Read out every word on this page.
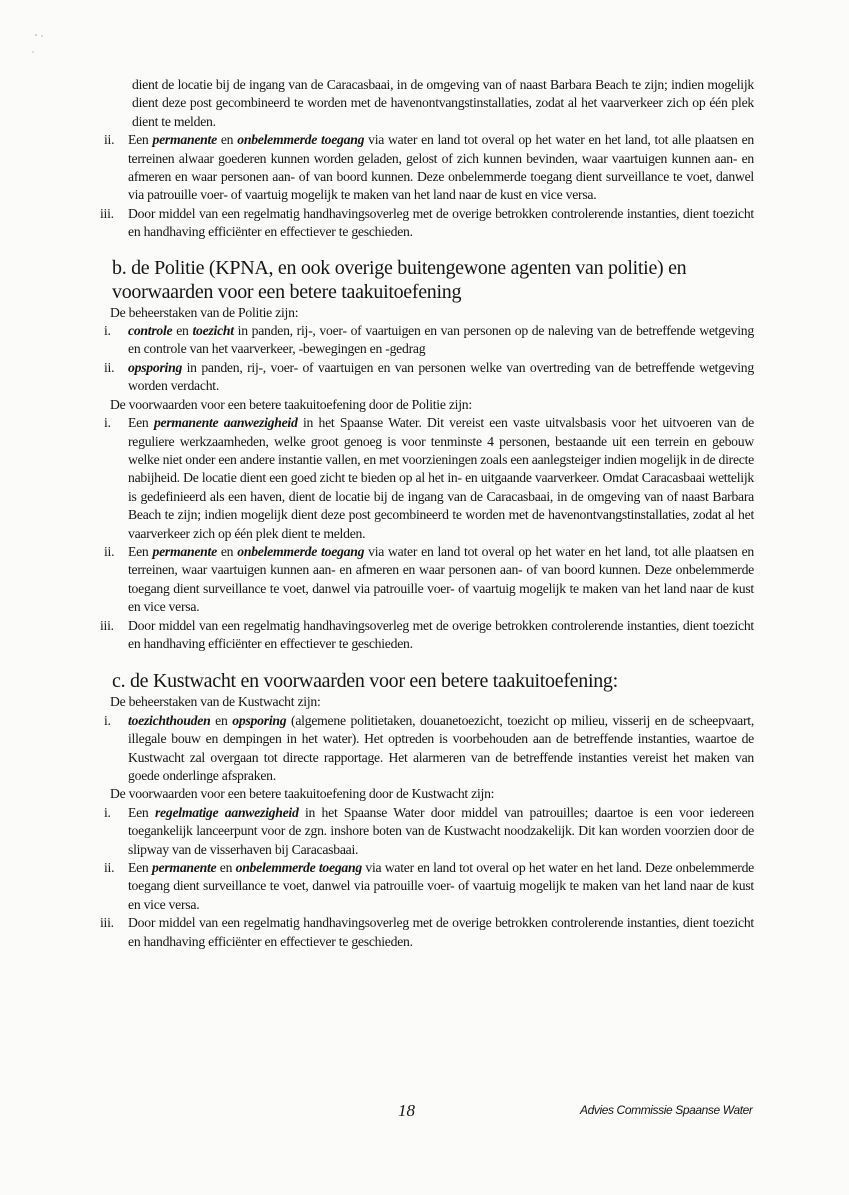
dient de locatie bij de ingang van de Caracasbaai, in de omgeving van of naast Barbara Beach te zijn; indien mogelijk dient deze post gecombineerd te worden met de havenontvangstinstallaties, zodat al het vaarverkeer zich op één plek dient te melden.
ii. Een permanente en onbelemmerde toegang via water en land tot overal op het water en het land, tot alle plaatsen en terreinen alwaar goederen kunnen worden geladen, gelost of zich kunnen bevinden, waar vaartuigen kunnen aan- en afmeren en waar personen aan- of van boord kunnen. Deze onbelemmerde toegang dient surveillance te voet, danwel via patrouille voer- of vaartuig mogelijk te maken van het land naar de kust en vice versa.
iii. Door middel van een regelmatig handhavingsoverleg met de overige betrokken controlerende instanties, dient toezicht en handhaving efficiënter en effectiever te geschieden.
b. de Politie (KPNA, en ook overige buitengewone agenten van politie) en voorwaarden voor een betere taakuitoefening
De beheerstaken van de Politie zijn:
i. controle en toezicht in panden, rij-, voer- of vaartuigen en van personen op de naleving van de betreffende wetgeving en controle van het vaarverkeer, -bewegingen en -gedrag
ii. opsporing in panden, rij-, voer- of vaartuigen en van personen welke van overtreding van de betreffende wetgeving worden verdacht.
De voorwaarden voor een betere taakuitoefening door de Politie zijn:
i. Een permanente aanwezigheid in het Spaanse Water. Dit vereist een vaste uitvalsbasis voor het uitvoeren van de reguliere werkzaamheden, welke groot genoeg is voor tenminste 4 personen, bestaande uit een terrein en gebouw welke niet onder een andere instantie vallen, en met voorzieningen zoals een aanlegsteiger indien mogelijk in de directe nabijheid. De locatie dient een goed zicht te bieden op al het in- en uitgaande vaarverkeer. Omdat Caracasbaai wettelijk is gedefinieerd als een haven, dient de locatie bij de ingang van de Caracasbaai, in de omgeving van of naast Barbara Beach te zijn; indien mogelijk dient deze post gecombineerd te worden met de havenontvangstinstallaties, zodat al het vaarverkeer zich op één plek dient te melden.
ii. Een permanente en onbelemmerde toegang via water en land tot overal op het water en het land, tot alle plaatsen en terreinen, waar vaartuigen kunnen aan- en afmeren en waar personen aan- of van boord kunnen. Deze onbelemmerde toegang dient surveillance te voet, danwel via patrouille voer- of vaartuig mogelijk te maken van het land naar de kust en vice versa.
iii. Door middel van een regelmatig handhavingsoverleg met de overige betrokken controlerende instanties, dient toezicht en handhaving efficiënter en effectiever te geschieden.
c. de Kustwacht en voorwaarden voor een betere taakuitoefening:
De beheerstaken van de Kustwacht zijn:
i. toezichthouden en opsporing (algemene politietaken, douanetoezicht, toezicht op milieu, visserij en de scheepvaart, illegale bouw en dempingen in het water). Het optreden is voorbehouden aan de betreffende instanties, waartoe de Kustwacht zal overgaan tot directe rapportage. Het alarmeren van de betreffende instanties vereist het maken van goede onderlinge afspraken.
De voorwaarden voor een betere taakuitoefening door de Kustwacht zijn:
i. Een regelmatige aanwezigheid in het Spaanse Water door middel van patrouilles; daartoe is een voor iedereen toegankelijk lanceerpunt voor de zgn. inshore boten van de Kustwacht noodzakelijk. Dit kan worden voorzien door de slipway van de visserhaven bij Caracasbaai.
ii. Een permanente en onbelemmerde toegang via water en land tot overal op het water en het land. Deze onbelemmerde toegang dient surveillance te voet, danwel via patrouille voer- of vaartuig mogelijk te maken van het land naar de kust en vice versa.
iii. Door middel van een regelmatig handhavingsoverleg met de overige betrokken controlerende instanties, dient toezicht en handhaving efficiënter en effectiever te geschieden.
18	Advies Commissie Spaanse Water
